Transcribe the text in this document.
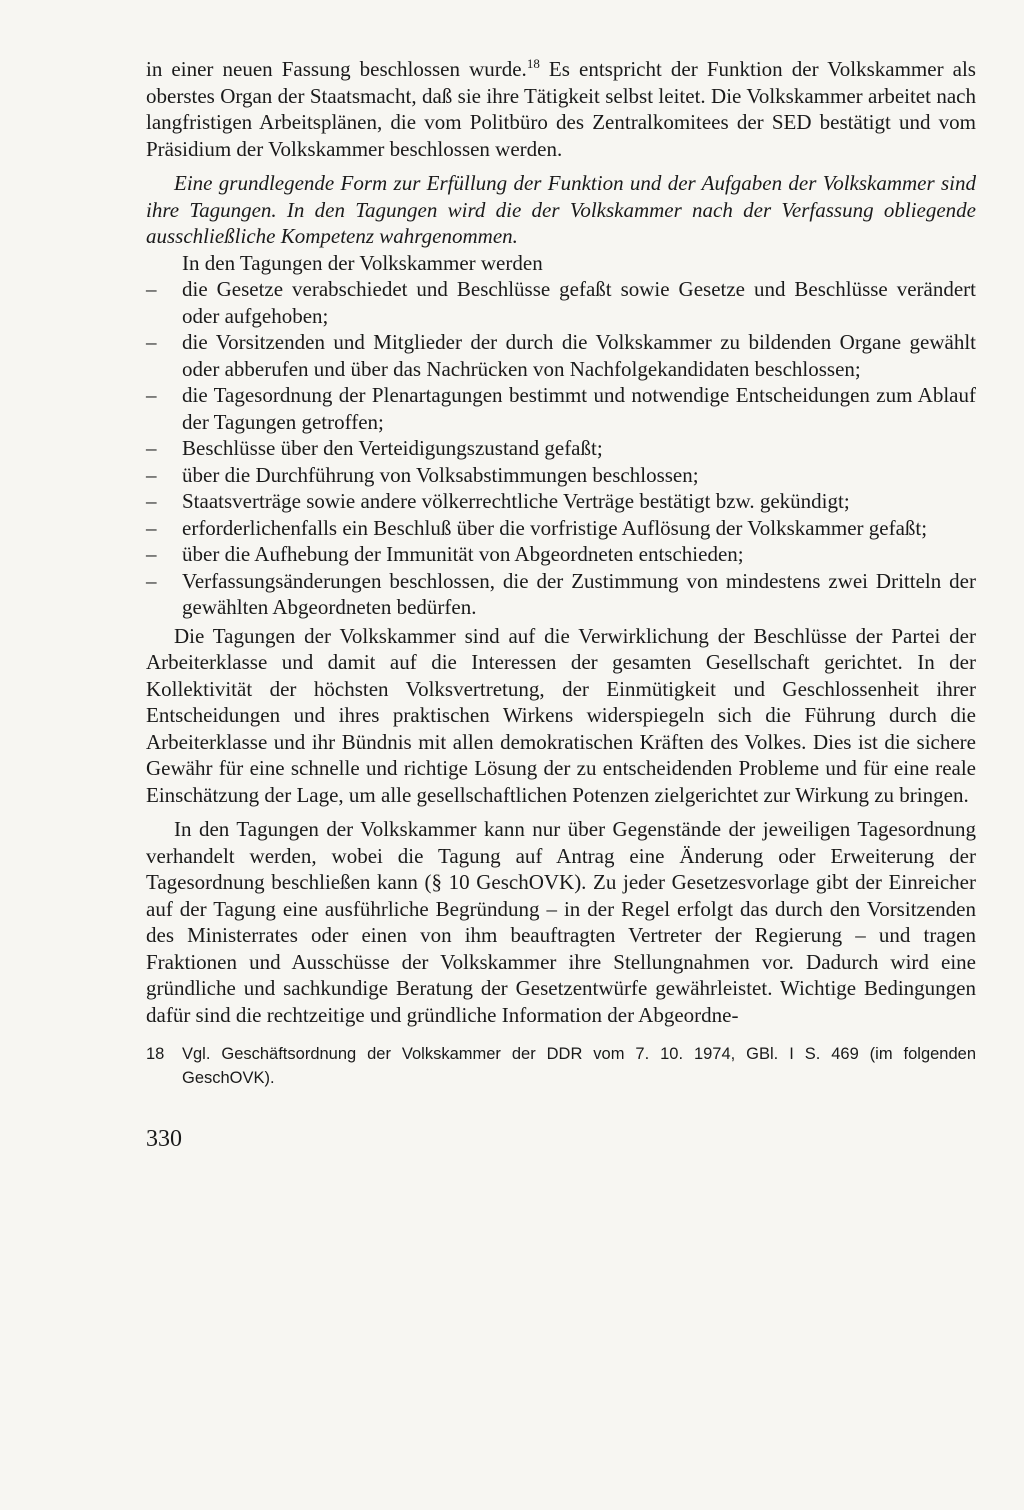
in einer neuen Fassung beschlossen wurde.$^{18}$ Es entspricht der Funktion der Volkskammer als oberstes Organ der Staatsmacht, daß sie ihre Tätigkeit selbst leitet. Die Volkskammer arbeitet nach langfristigen Arbeitsplänen, die vom Politbüro des Zentralkomitees der SED bestätigt und vom Präsidium der Volkskammer beschlossen werden.

Eine grundlegende Form zur Erfüllung der Funktion und der Aufgaben der Volkskammer sind ihre Tagungen. In den Tagungen wird die der Volkskammer nach der Verfassung obliegende ausschließliche Kompetenz wahrgenommen.

In den Tagungen der Volkskammer werden

– die Gesetze verabschiedet und Beschlüsse gefaßt sowie Gesetze und Beschlüsse verändert oder aufgehoben;
– die Vorsitzenden und Mitglieder der durch die Volkskammer zu bildenden Organe gewählt oder abberufen und über das Nachrücken von Nachfolgekandidaten beschlossen;
– die Tagesordnung der Plenartagungen bestimmt und notwendige Entscheidungen zum Ablauf der Tagungen getroffen;
– Beschlüsse über den Verteidigungszustand gefaßt;
– über die Durchführung von Volksabstimmungen beschlossen;
– Staatsverträge sowie andere völkerrechtliche Verträge bestätigt bzw. gekündigt;
– erforderlichenfalls ein Beschluß über die vorfristige Auflösung der Volkskammer gefaßt;
– über die Aufhebung der Immunität von Abgeordneten entschieden;
– Verfassungsänderungen beschlossen, die der Zustimmung von mindestens zwei Dritteln der gewählten Abgeordneten bedürfen.

Die Tagungen der Volkskammer sind auf die Verwirklichung der Beschlüsse der Partei der Arbeiterklasse und damit auf die Interessen der gesamten Gesellschaft gerichtet. In der Kollektivität der höchsten Volksvertretung, der Einmütigkeit und Geschlossenheit ihrer Entscheidungen und ihres praktischen Wirkens widerspiegeln sich die Führung durch die Arbeiterklasse und ihr Bündnis mit allen demokratischen Kräften des Volkes. Dies ist die sichere Gewähr für eine schnelle und richtige Lösung der zu entscheidenden Probleme und für eine reale Einschätzung der Lage, um alle gesellschaftlichen Potenzen zielgerichtet zur Wirkung zu bringen.

In den Tagungen der Volkskammer kann nur über Gegenstände der jeweiligen Tagesordnung verhandelt werden, wobei die Tagung auf Antrag eine Änderung oder Erweiterung der Tagesordnung beschließen kann (§ 10 GeschOVK). Zu jeder Gesetzesvorlage gibt der Einreicher auf der Tagung eine ausführliche Begründung – in der Regel erfolgt das durch den Vorsitzenden des Ministerrates oder einen von ihm beauftragten Vertreter der Regierung – und tragen Fraktionen und Ausschüsse der Volkskammer ihre Stellungnahmen vor. Dadurch wird eine gründliche und sachkundige Beratung der Gesetzentwürfe gewährleistet. Wichtige Bedingungen dafür sind die rechtzeitige und gründliche Information der Abgeordne-

18 Vgl. Geschäftsordnung der Volkskammer der DDR vom 7. 10. 1974, GBl. I S. 469 (im folgenden GeschOVK).
330
